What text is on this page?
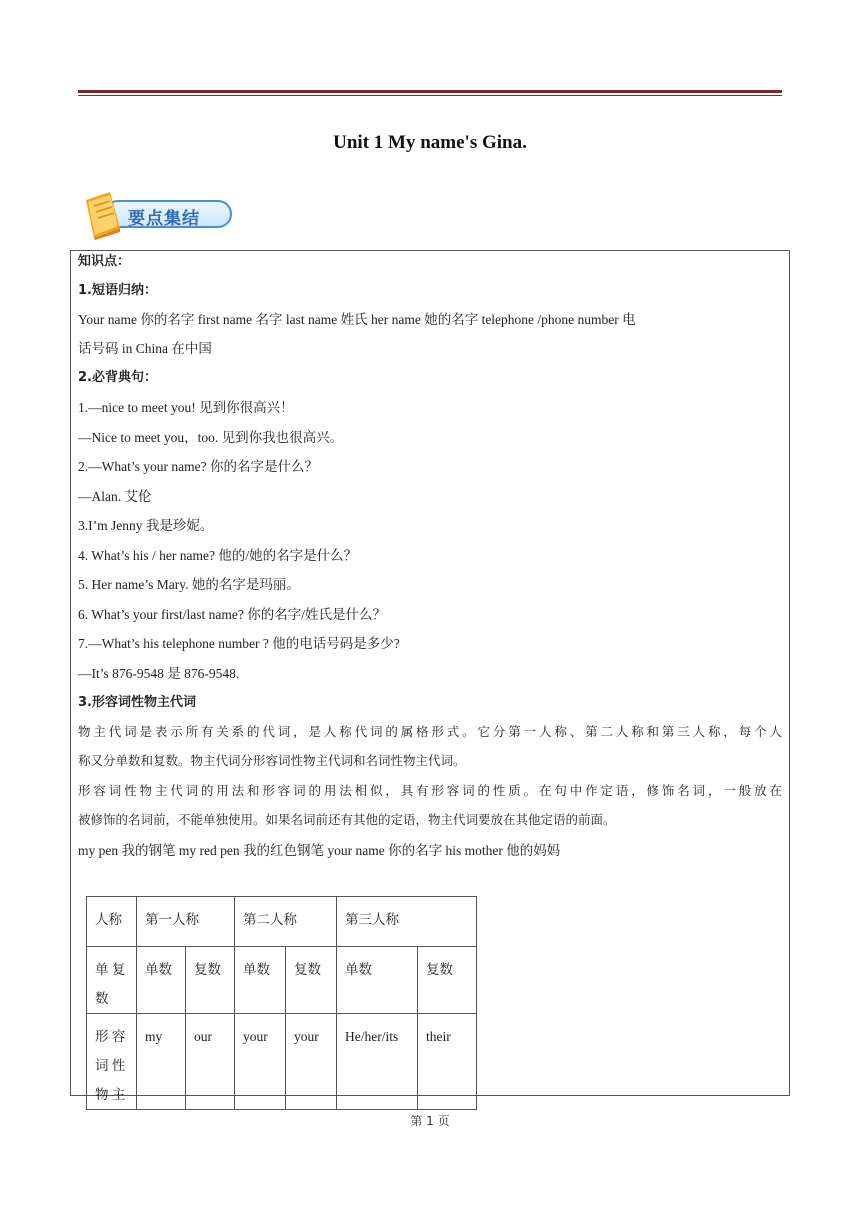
Unit 1 My name's Gina.
要点集结
知识点：
1.短语归纳：
Your name 你的名字 first name 名字 last name 姓氏 her name 她的名字 telephone /phone number 电
话号码 in China 在中国
2.必背典句：
1.—nice to meet you! 见到你很高兴！
—Nice to meet you，too. 见到你我也很高兴。
2.—What’s your name? 你的名字是什么？
—Alan. 艾伦
3.I’m Jenny 我是珍妮。
4. What’s his / her name? 他的/她的名字是什么？
5. Her name’s Mary. 她的名字是玛丽。
6. What’s your first/last name? 你的名字/姓氏是什么？
7.—What’s his telephone number ? 他的电话号码是多少?
—It’s 876-9548 是 876-9548.
3.形容词性物主代词
物主代词是表示所有关系的代词，是人称代词的属格形式。它分第一人称、第二人称和第三人称，每个人
称又分单数和复数。物主代词分形容词性物主代词和名词性物主代词。
形容词性物主代词的用法和形容词的用法相似，具有形容词的性质。在句中作定语，修饰名词，一般放在
被修饰的名词前，不能单独使用。如果名词前还有其他的定语，物主代词要放在其他定语的前面。
my pen 我的钢笔 my red pen 我的红色钢笔 your name 你的名字 his mother 他的妈妈
人称	第一人称		第二人称		第三人称	
单 复 数	单数	复数	单数	复数	单数	复数
形 容 词 性 物 主	my	our	your	your	He/her/its	their
第 1 页
